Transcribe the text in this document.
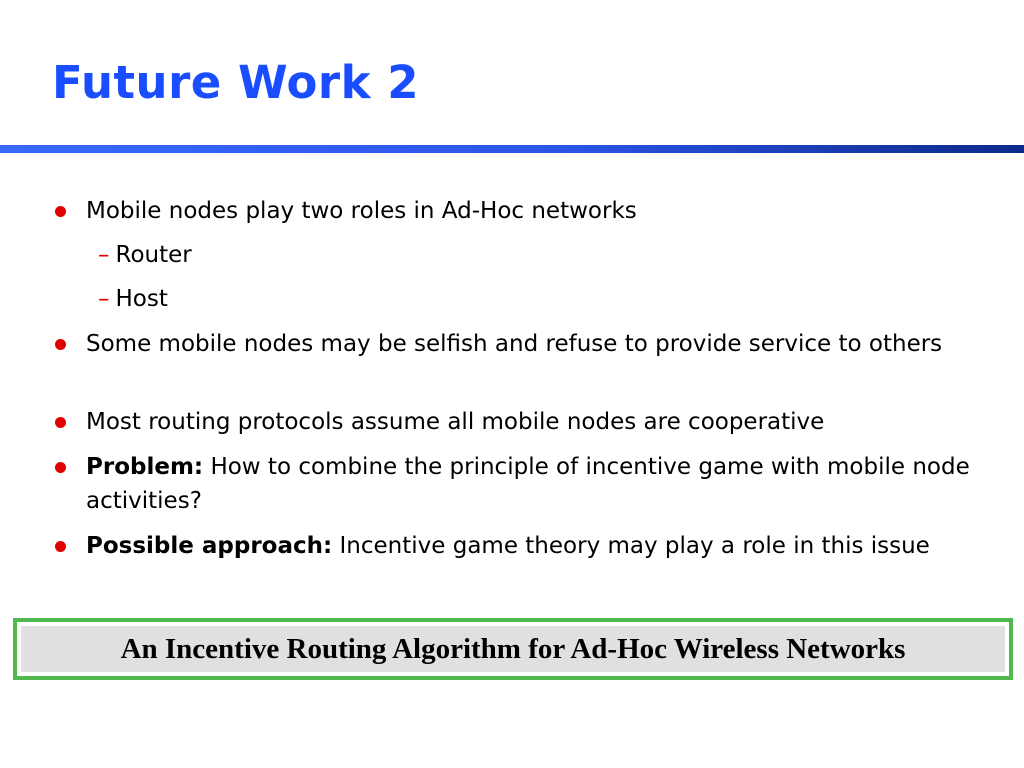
Future Work 2
Mobile nodes play two roles in Ad-Hoc networks
– Router
– Host
Some mobile nodes may be selfish and refuse to provide service to others
Most routing protocols assume all mobile nodes are cooperative
Problem: How to combine the principle of incentive game with mobile node activities?
Possible approach: Incentive game theory may play a role in this issue
An Incentive Routing Algorithm for Ad-Hoc Wireless Networks
